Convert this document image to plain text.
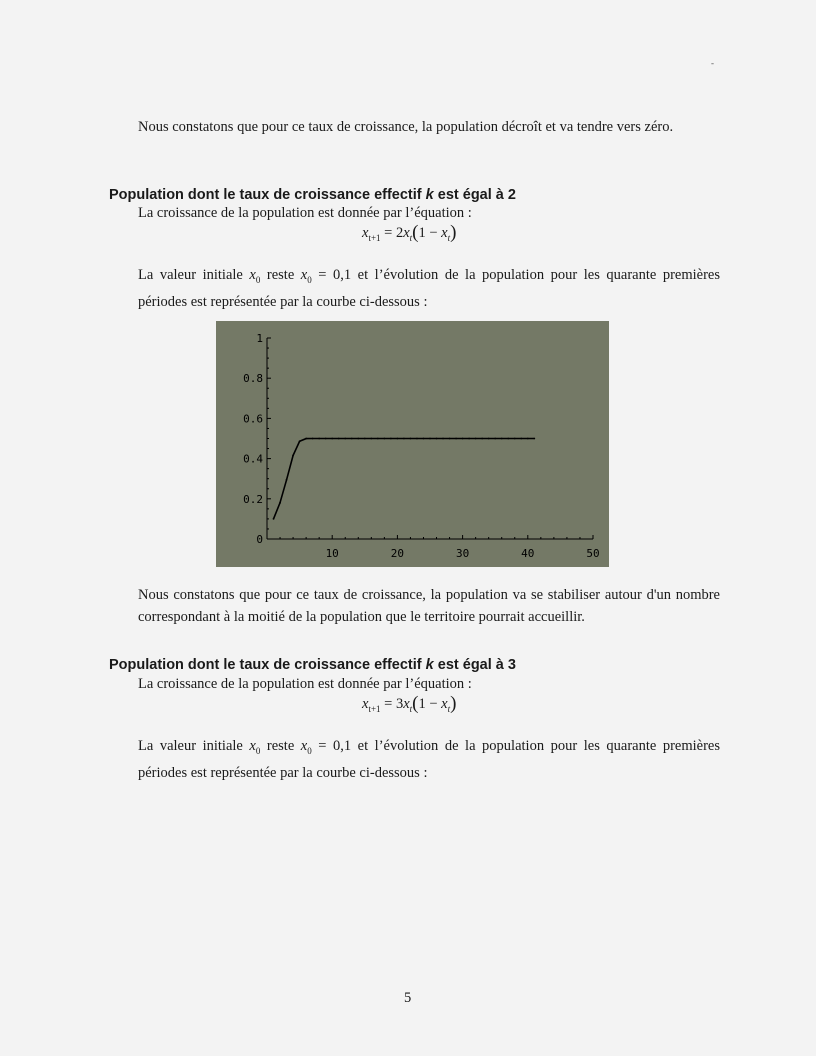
-
Nous constatons que pour ce taux de croissance, la population décroît et va tendre vers zéro.
Population dont le taux de croissance effectif k est égal à 2
La croissance de la population est donnée par l’équation :
$x_{t+1} = 2x_t(1 - x_t)$
La valeur initiale $x_0$ reste $x_0 = 0,1$ et l’évolution de la population pour les quarante premières périodes est représentée par la courbe ci-dessous :
0
0.2
0.4
0.6
0.8
1
10	20	30	40	50
Nous constatons que pour ce taux de croissance, la population va se stabiliser autour d'un nombre correspondant à la moitié de la population que le territoire pourrait accueillir.
Population dont le taux de croissance effectif k est égal à 3
La croissance de la population est donnée par l’équation :
$x_{t+1} = 3x_t(1 - x_t)$
La valeur initiale $x_0$ reste $x_0 = 0,1$ et l’évolution de la population pour les quarante premières périodes est représentée par la courbe ci-dessous :
5
